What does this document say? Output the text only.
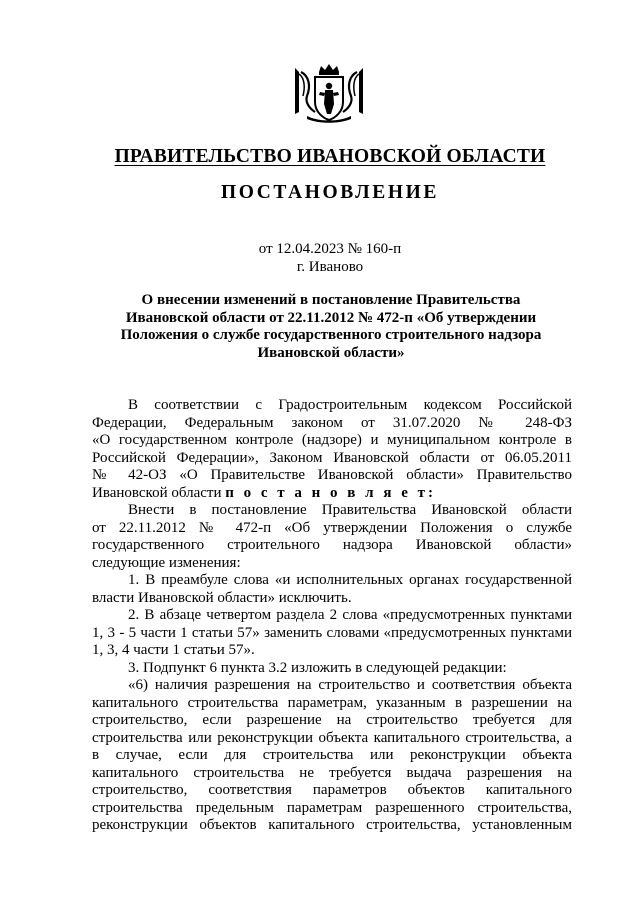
ПРАВИТЕЛЬСТВО ИВАНОВСКОЙ ОБЛАСТИ
ПОСТАНОВЛЕНИЕ
от 12.04.2023 № 160-п
г. Иваново
О внесении изменений в постановление Правительства
Ивановской области от 22.11.2012 № 472-п «Об утверждении
Положения о службе государственного строительного надзора
Ивановской области»
В соответствии с Градостроительным кодексом Российской
Федерации, Федеральным законом от 31.07.2020 № 248-ФЗ
«О государственном контроле (надзоре) и муниципальном контроле в
Российской Федерации», Законом Ивановской области от 06.05.2011
№ 42-ОЗ «О Правительстве Ивановской области» Правительство
Ивановской области п о с т а н о в л я е т:
Внести в постановление Правительства Ивановской области
от 22.11.2012 № 472-п «Об утверждении Положения о службе
государственного строительного надзора Ивановской области»
следующие изменения:
1. В преамбуле слова «и исполнительных органах государственной
власти Ивановской области» исключить.
2. В абзаце четвертом раздела 2 слова «предусмотренных пунктами
1, 3 - 5 части 1 статьи 57» заменить словами «предусмотренных пунктами
1, 3, 4 части 1 статьи 57».
3. Подпункт 6 пункта 3.2 изложить в следующей редакции:
«6) наличия разрешения на строительство и соответствия объекта
капитального строительства параметрам, указанным в разрешении на
строительство, если разрешение на строительство требуется для
строительства или реконструкции объекта капитального строительства, а
в случае, если для строительства или реконструкции объекта
капитального строительства не требуется выдача разрешения на
строительство, соответствия параметров объектов капитального
строительства предельным параметрам разрешенного строительства,
реконструкции объектов капитального строительства, установленным
